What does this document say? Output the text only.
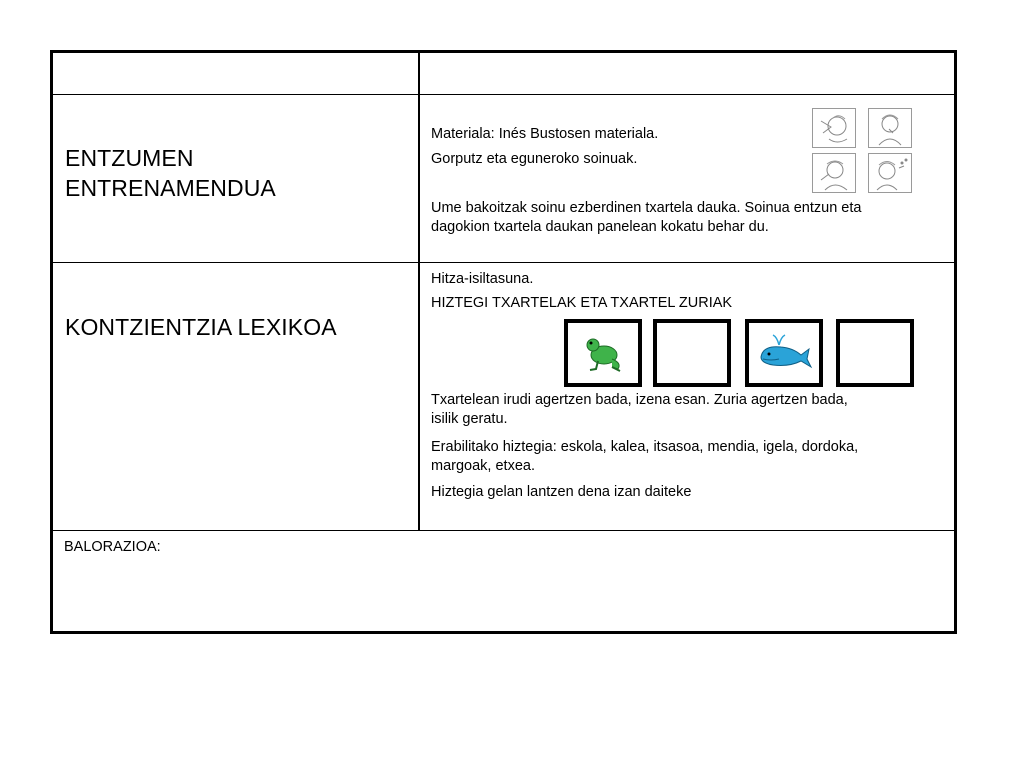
ENTZUMEN
ENTRENAMENDUA
Materiala: Inés Bustosen materiala.
Gorputz eta eguneroko soinuak.

Ume bakoitzak soinu ezberdinen txartela dauka. Soinua entzun eta

dagokion txartela daukan panelean kokatu behar du.

KONTZIENTZIA LEXIKOA
Hitza-isiltasuna.
HIZTEGI TXARTELAK ETA TXARTEL ZURIAK

Txartelean irudi agertzen bada, izena esan. Zuria agertzen bada,

isilik geratu.

Erabilitako hiztegia: eskola, kalea, itsasoa, mendia, igela, dordoka,

margoak, etxea.

Hiztegia gelan lantzen dena izan daiteke
BALORAZIOA:
